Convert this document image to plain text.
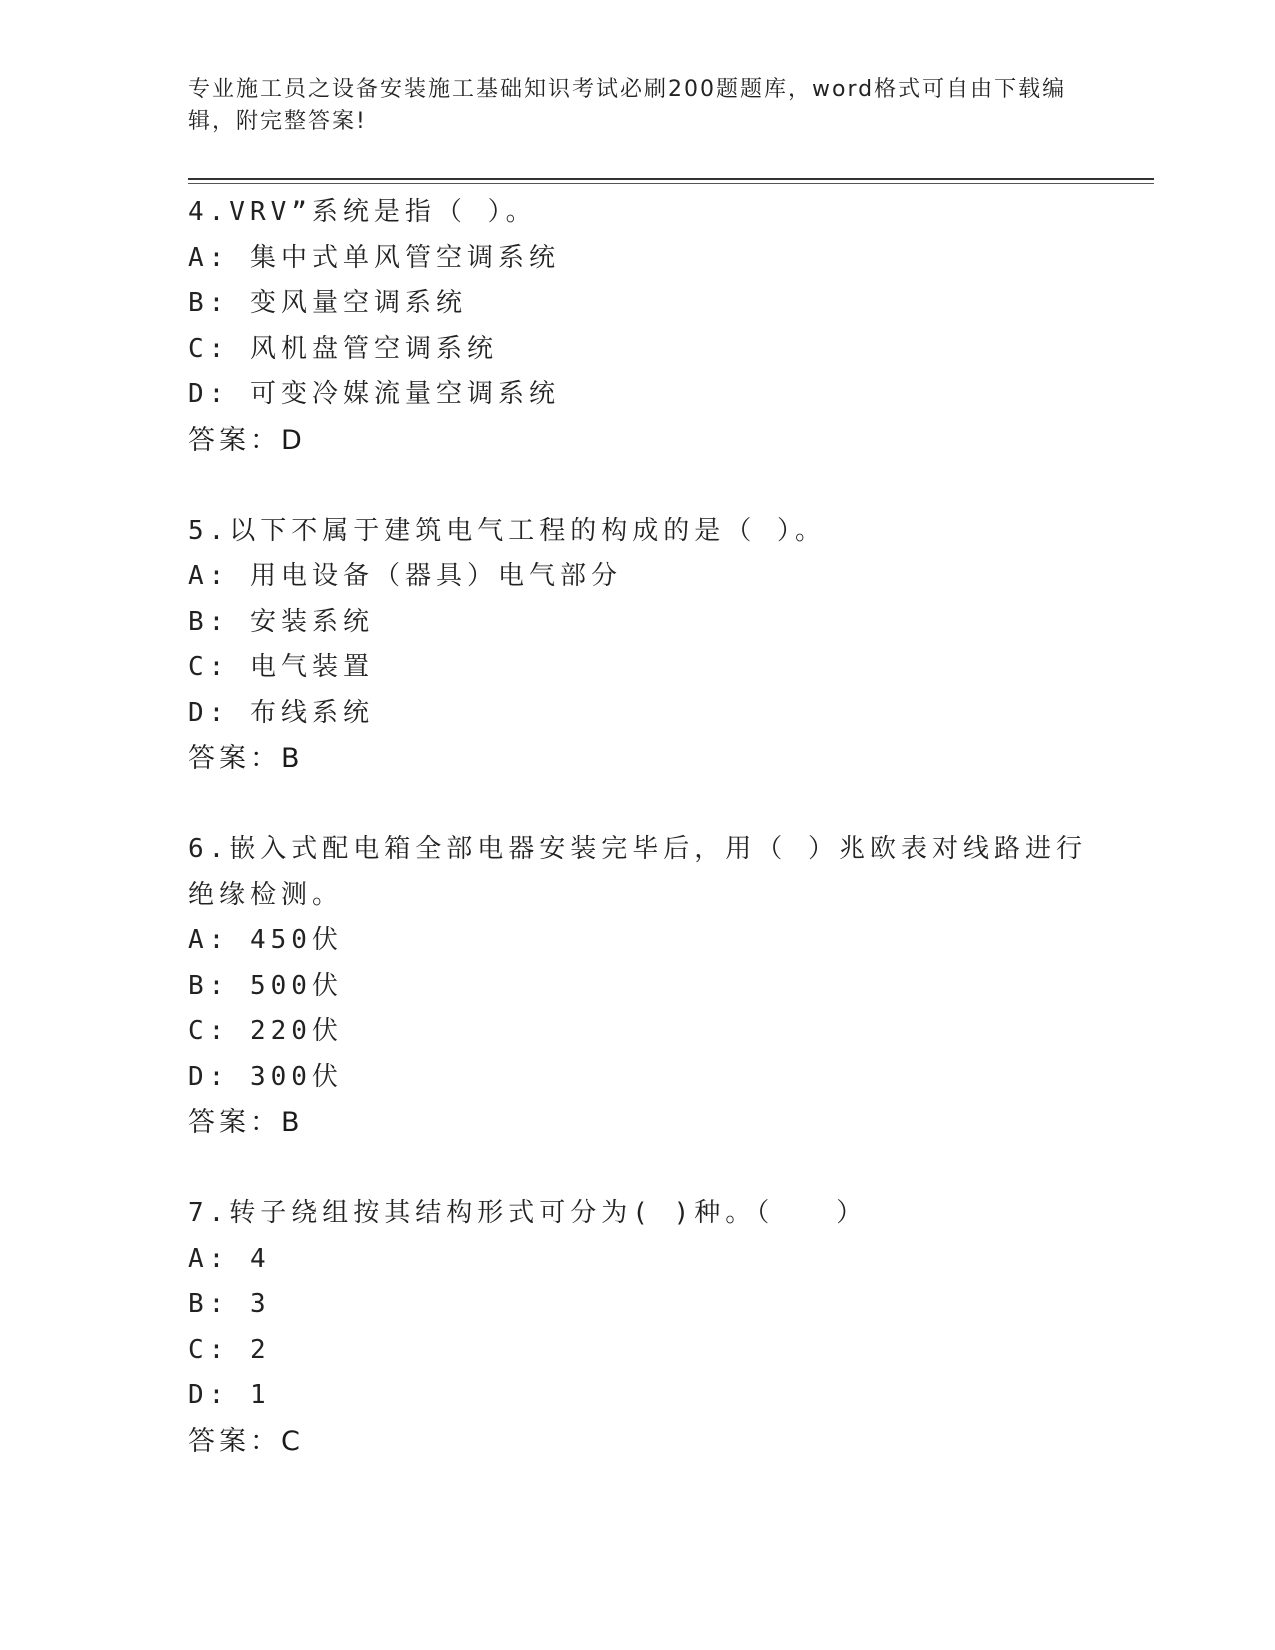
专业施工员之设备安装施工基础知识考试必刷200题题库，word格式可自由下载编辑，附完整答案!
4.VRV”系统是指（ ）。
A: 集中式单风管空调系统
B: 变风量空调系统
C: 风机盘管空调系统
D: 可变冷媒流量空调系统
答案：D
5.以下不属于建筑电气工程的构成的是（ ）。
A: 用电设备（器具）电气部分
B: 安装系统
C: 电气装置
D: 布线系统
答案：B
6.嵌入式配电箱全部电器安装完毕后，用（ ）兆欧表对线路进行绝缘检测。
A: 450伏
B: 500伏
C: 220伏
D: 300伏
答案：B
7.转子绕组按其结构形式可分为( )种。（　　）
A: 4
B: 3
C: 2
D: 1
答案：C
